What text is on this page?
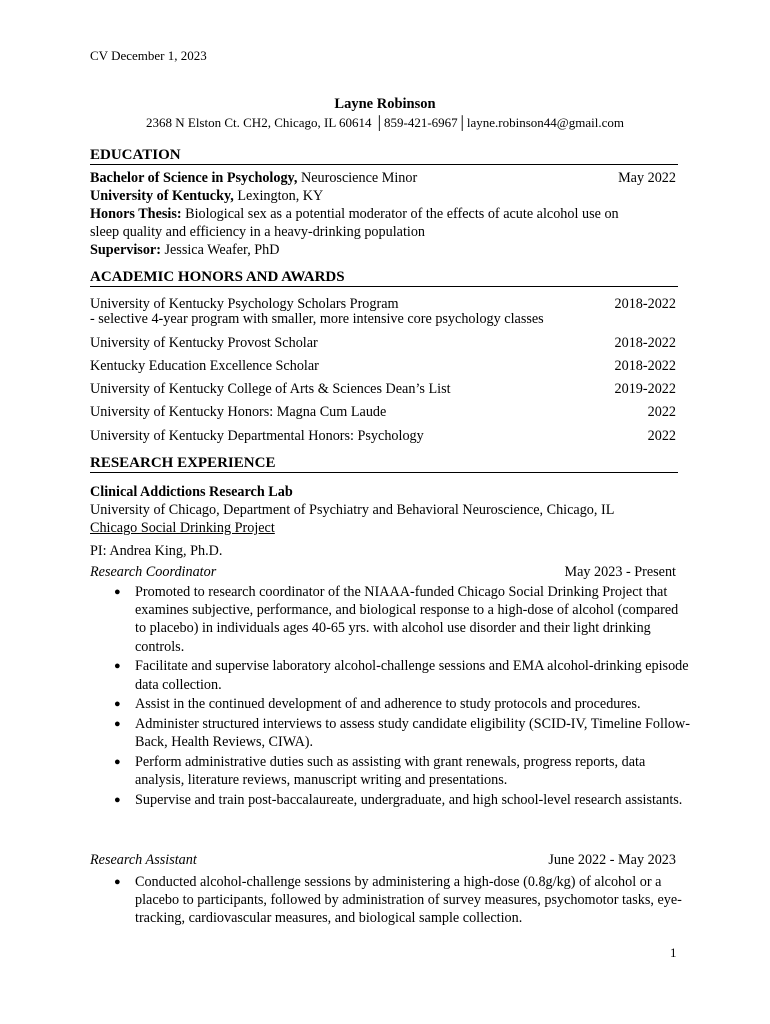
CV December 1, 2023
Layne Robinson
2368 N Elston Ct. CH2, Chicago, IL 60614 │859-421-6967│layne.robinson44@gmail.com
EDUCATION
Bachelor of Science in Psychology, Neuroscience Minor	May 2022
University of Kentucky, Lexington, KY
Honors Thesis: Biological sex as a potential moderator of the effects of acute alcohol use on
sleep quality and efficiency in a heavy-drinking population
Supervisor: Jessica Weafer, PhD
ACADEMIC HONORS AND AWARDS
University of Kentucky Psychology Scholars Program	2018-2022
- selective 4-year program with smaller, more intensive core psychology classes
University of Kentucky Provost Scholar	2018-2022
Kentucky Education Excellence Scholar	2018-2022
University of Kentucky College of Arts & Sciences Dean’s List	2019-2022
University of Kentucky Honors: Magna Cum Laude	2022
University of Kentucky Departmental Honors: Psychology	2022
RESEARCH EXPERIENCE
Clinical Addictions Research Lab
University of Chicago, Department of Psychiatry and Behavioral Neuroscience, Chicago, IL
Chicago Social Drinking Project
PI: Andrea King, Ph.D.
Research Coordinator	May 2023 - Present
● Promoted to research coordinator of the NIAAA-funded Chicago Social Drinking Project that examines subjective, performance, and biological response to a high-dose of alcohol (compared to placebo) in individuals ages 40-65 yrs. with alcohol use disorder and their light drinking controls.
● Facilitate and supervise laboratory alcohol-challenge sessions and EMA alcohol-drinking episode data collection.
● Assist in the continued development of and adherence to study protocols and procedures.
● Administer structured interviews to assess study candidate eligibility (SCID-IV, Timeline Follow-Back, Health Reviews, CIWA).
● Perform administrative duties such as assisting with grant renewals, progress reports, data analysis, literature reviews, manuscript writing and presentations.
● Supervise and train post-baccalaureate, undergraduate, and high school-level research assistants.
Research Assistant	June 2022 - May 2023
● Conducted alcohol-challenge sessions by administering a high-dose (0.8g/kg) of alcohol or a placebo to participants, followed by administration of survey measures, psychomotor tasks, eye-tracking, cardiovascular measures, and biological sample collection.
1
